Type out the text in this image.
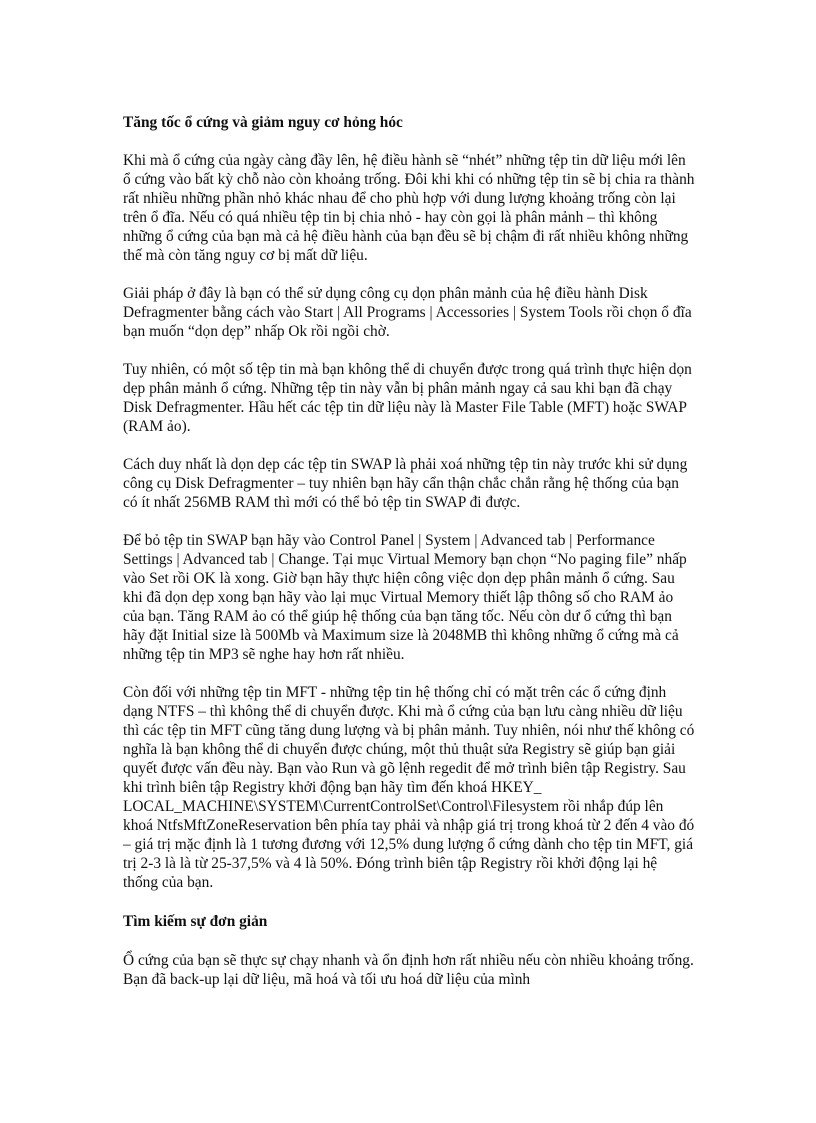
Tăng tốc ổ cứng và giảm nguy cơ hỏng hóc

Khi mà ổ cứng của ngày càng đầy lên, hệ điều hành sẽ “nhét” những tệp tin dữ liệu mới lên ổ cứng vào bất kỳ chỗ nào còn khoảng trống. Đôi khi khi có những tệp tin sẽ bị chia ra thành rất nhiều những phần nhỏ khác nhau để cho phù hợp với dung lượng khoảng trống còn lại trên ổ đĩa. Nếu có quá nhiều tệp tin bị chia nhỏ - hay còn gọi là phân mảnh – thì không những ổ cứng của bạn mà cả hệ điều hành của bạn đều sẽ bị chậm đi rất nhiều không những thế mà còn tăng nguy cơ bị mất dữ liệu.

Giải pháp ở đây là bạn có thể sử dụng công cụ dọn phân mảnh của hệ điều hành Disk Defragmenter bằng cách vào Start | All Programs | Accessories | System Tools rồi chọn ổ đĩa bạn muốn “dọn dẹp” nhấp Ok rồi ngồi chờ.

Tuy nhiên, có một số tệp tin mà bạn không thể di chuyển được trong quá trình thực hiện dọn dẹp phân mảnh ổ cứng. Những tệp tin này vẫn bị phân mảnh ngay cả sau khi bạn đã chạy Disk Defragmenter. Hầu hết các tệp tin dữ liệu này là Master File Table (MFT) hoặc SWAP (RAM ảo).

Cách duy nhất là dọn dẹp các tệp tin SWAP là phải xoá những tệp tin này trước khi sử dụng công cụ Disk Defragmenter – tuy nhiên bạn hãy cẩn thận chắc chắn rằng hệ thống của bạn có ít nhất 256MB RAM thì mới có thể bỏ tệp tin SWAP đi được.

Để bỏ tệp tin SWAP bạn hãy vào Control Panel | System | Advanced tab | Performance Settings | Advanced tab | Change. Tại mục Virtual Memory bạn chọn “No paging file” nhấp vào Set rồi OK là xong. Giờ bạn hãy thực hiện công việc dọn dẹp phân mảnh ổ cứng. Sau khi đã dọn dẹp xong bạn hãy vào lại mục Virtual Memory thiết lập thông số cho RAM ảo của bạn. Tăng RAM ảo có thể giúp hệ thống của bạn tăng tốc. Nếu còn dư ổ cứng thì bạn hãy đặt Initial size là 500Mb và Maximum size là 2048MB thì không những ổ cứng mà cả những tệp tin MP3 sẽ nghe hay hơn rất nhiều.

Còn đối với những tệp tin MFT - những tệp tin hệ thống chỉ có mặt trên các ổ cứng định dạng NTFS – thì không thể di chuyển được. Khi mà ổ cứng của bạn lưu càng nhiều dữ liệu thì các tệp tin MFT cũng tăng dung lượng và bị phân mảnh. Tuy nhiên, nói như thế không có nghĩa là bạn không thể di chuyển được chúng, một thủ thuật sửa Registry sẽ giúp bạn giải quyết được vấn đều này. Bạn vào Run và gõ lệnh regedit để mở trình biên tập Registry. Sau khi trình biên tập Registry khởi động bạn hãy tìm đến khoá HKEY_ LOCAL_MACHINE\SYSTEM\CurrentControlSet\Control\Filesystem rồi nhắp đúp lên khoá NtfsMftZoneReservation bên phía tay phải và nhập giá trị trong khoá từ 2 đến 4 vào đó – giá trị mặc định là 1 tương đương với 12,5% dung lượng ổ cứng dành cho tệp tin MFT, giá trị 2-3 là là từ 25-37,5% và 4 là 50%. Đóng trình biên tập Registry rồi khởi động lại hệ thống của bạn.

Tìm kiếm sự đơn giản

Ổ cứng của bạn sẽ thực sự chạy nhanh và ổn định hơn rất nhiều nếu còn nhiều khoảng trống. Bạn đã back-up lại dữ liệu, mã hoá và tối ưu hoá dữ liệu của mình
